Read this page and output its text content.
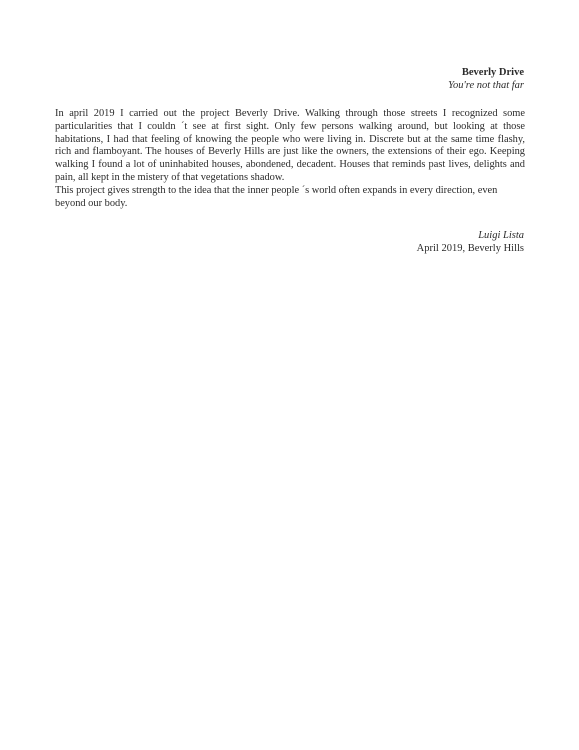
Beverly Drive
You're not that far

In april 2019 I carried out the project Beverly Drive. Walking through those streets I recognized some particularities that I couldn ´t see at first sight. Only few persons walking around, but looking at those habitations, I had that feeling of knowing the people who were living in. Discrete but at the same time flashy, rich and flamboyant. The houses of Beverly Hills are just like the owners, the extensions of their ego. Keeping walking I found a lot of uninhabited houses, abondened, decadent. Houses that reminds past lives, delights and pain, all kept in the mistery of that vegetations shadow.

This project gives strength to the idea that the inner people ´s world often expands in every direction, even beyond our body.

Luigi Lista
April 2019, Beverly Hills
